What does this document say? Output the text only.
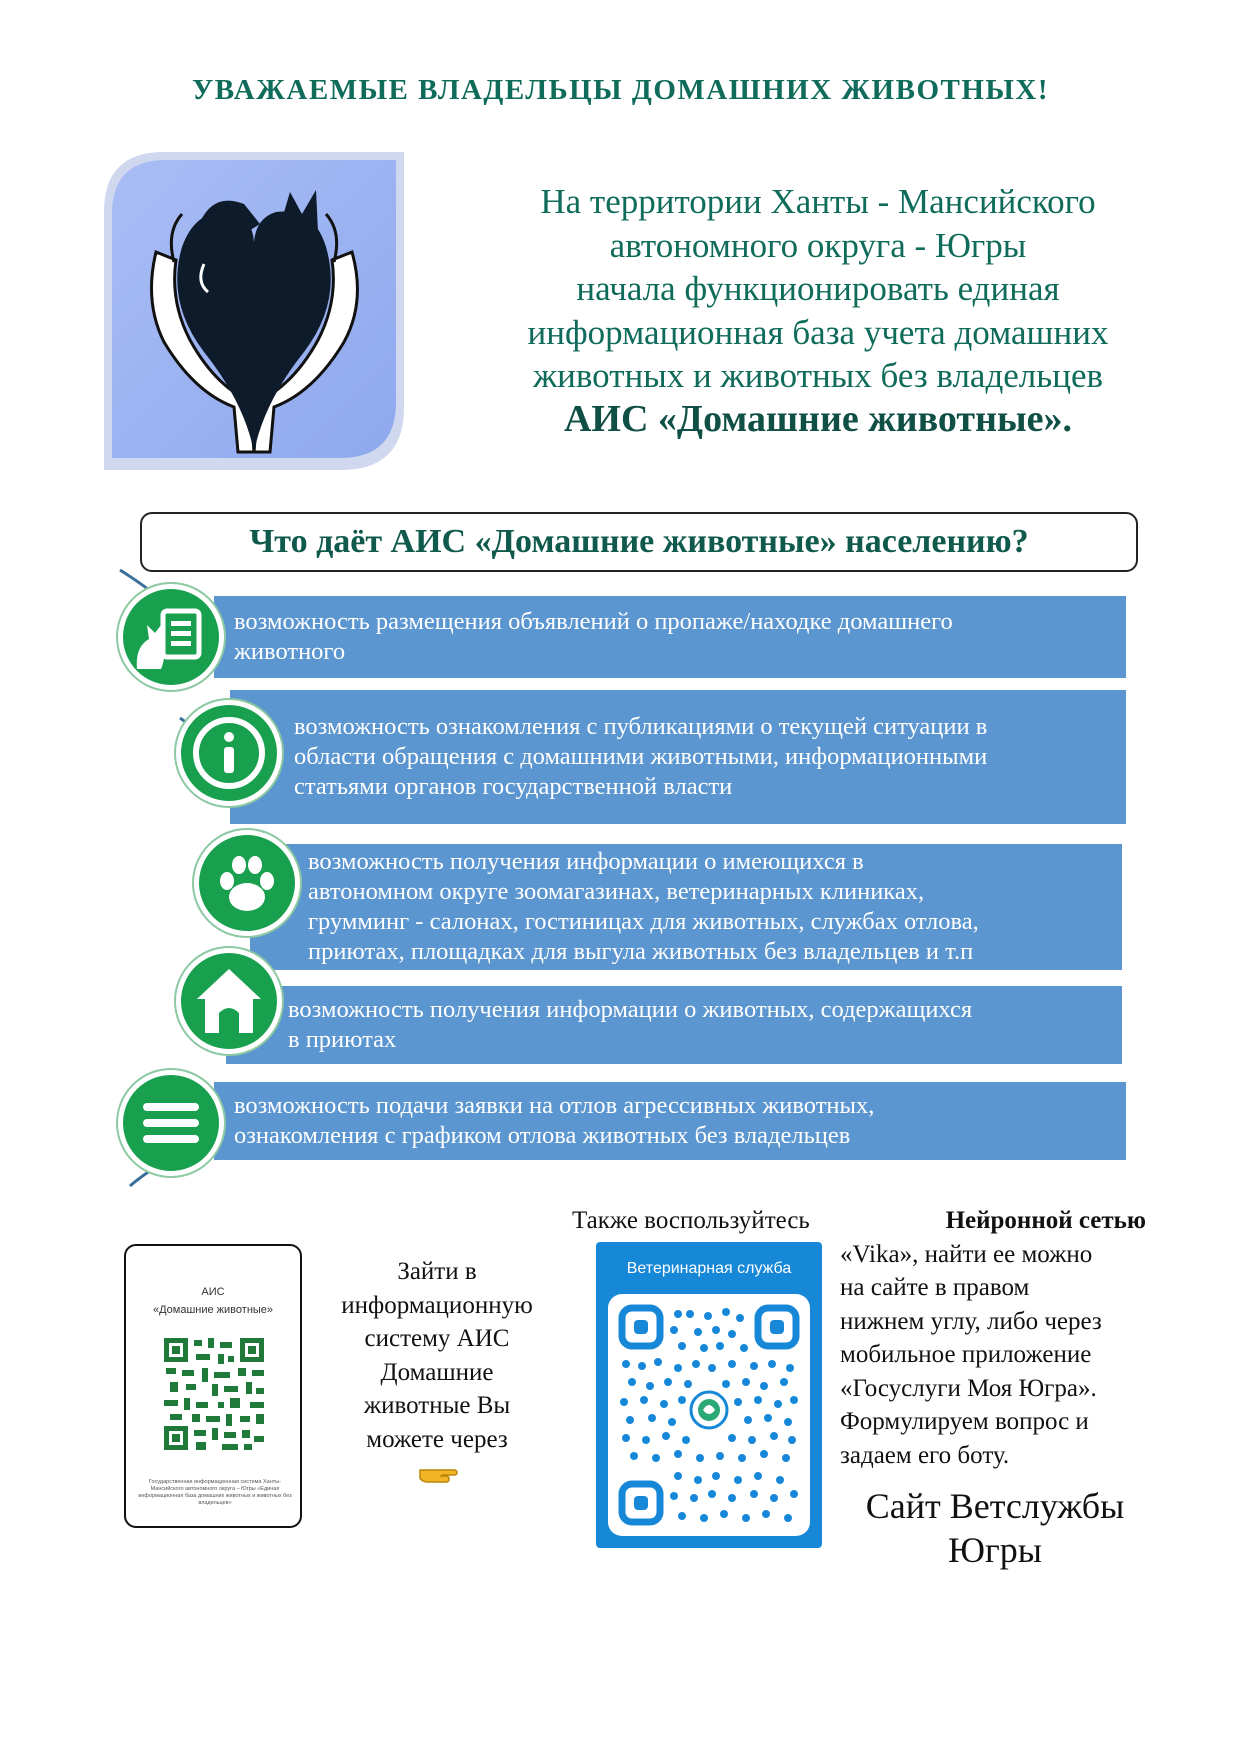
УВАЖАЕМЫЕ ВЛАДЕЛЬЦЫ ДОМАШНИХ ЖИВОТНЫХ!
На территории Ханты - Мансийского
автономного округа - Югры
начала функционировать единая
информационная база учета домашних
животных и животных без владельцев
АИС «Домашние животные».
Что даёт АИС «Домашние животные» населению?
возможность размещения объявлений о пропаже/находке домашнего
животного
возможность ознакомления с публикациями о текущей ситуации в
области обращения с домашними животными, информационными
статьями органов государственной власти
возможность получения информации о имеющихся в
автономном округе зоомагазинах, ветеринарных клиниках,
грумминг - салонах, гостиницах для животных, службах отлова,
приютах, площадках для выгула животных без владельцев и т.п
возможность получения информации о животных, содержащихся
в приютах
возможность подачи заявки на отлов агрессивных животных,
ознакомления с графиком отлова животных без владельцев
АИС
«Домашние животные»
Государственная информационная система Ханты-Мансийского автономного округа – Югры «Единая информационная база домашних животных и животных без владельцев»
Зайти в
информационную
систему АИС
Домашние
животные Вы
можете через
Ветеринарная служба
Также воспользуйтесь	Нейронной сетью
«Vika», найти ее можно
на сайте в правом
нижнем углу, либо через
мобильное приложение
«Госуслуги Моя Югра».
Формулируем вопрос и
задаем его боту.
Сайт Ветслужбы
Югры
